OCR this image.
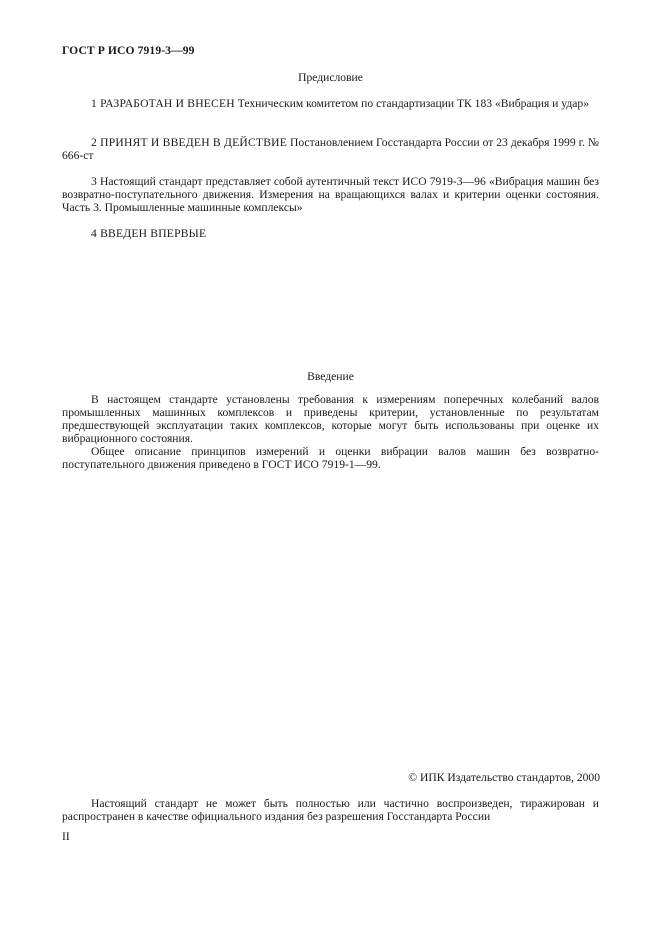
ГОСТ Р ИСО 7919-3—99
Предисловие
1 РАЗРАБОТАН И ВНЕСЕН Техническим комитетом по стандартизации ТК 183 «Вибрация и удар»
2 ПРИНЯТ И ВВЕДЕН В ДЕЙСТВИЕ Постановлением Госстандарта России от 23 декабря 1999 г. № 666-ст
3 Настоящий стандарт представляет собой аутентичный текст ИСО 7919-3—96 «Вибрация машин без возвратно-поступательного движения. Измерения на вращающихся валах и критерии оценки состояния. Часть 3. Промышленные машинные комплексы»
4 ВВЕДЕН ВПЕРВЫЕ
Введение
В настоящем стандарте установлены требования к измерениям поперечных колебаний валов промышленных машинных комплексов и приведены критерии, установленные по результатам предшествующей эксплуатации таких комплексов, которые могут быть использованы при оценке их вибрационного состояния.
Общее описание принципов измерений и оценки вибрации валов машин без возвратно-поступательного движения приведено в ГОСТ ИСО 7919-1—99.
© ИПК Издательство стандартов, 2000
Настоящий стандарт не может быть полностью или частично воспроизведен, тиражирован и распространен в качестве официального издания без разрешения Госстандарта России
II
